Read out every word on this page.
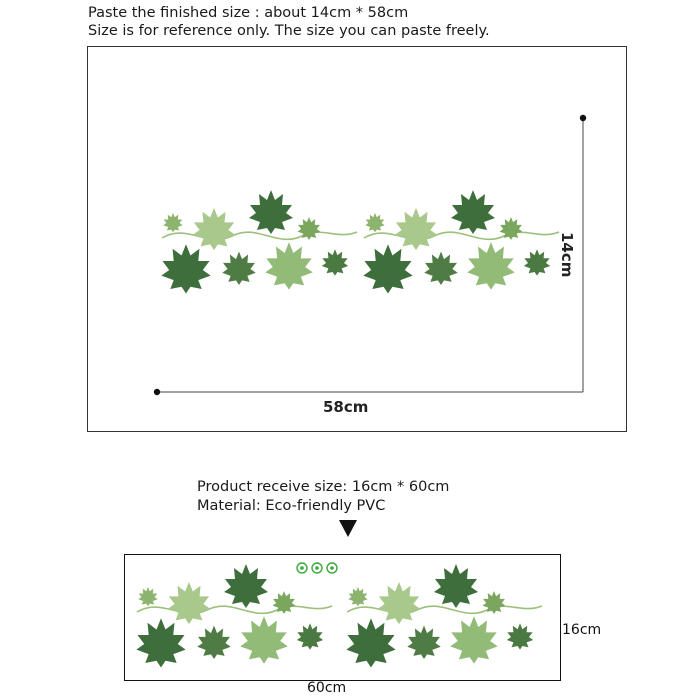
Paste the finished size : about 14cm * 58cm
Size is for reference only. The size you can paste freely.
58cm
14cm
Product receive size: 16cm * 60cm
Material: Eco-friendly PVC
16cm
60cm
